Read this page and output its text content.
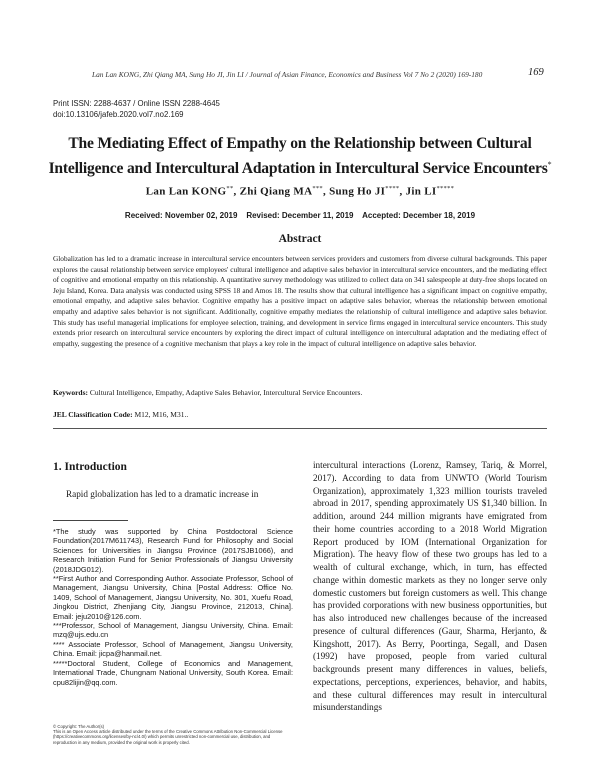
Lan Lan KONG, Zhi Qiang MA, Sung Ho JI, Jin LI / Journal of Asian Finance, Economics and Business Vol 7 No 2 (2020) 169-180	169
Print ISSN: 2288-4637 / Online ISSN 2288-4645
doi:10.13106/jafeb.2020.vol7.no2.169
The Mediating Effect of Empathy on the Relationship between Cultural
Intelligence and Intercultural Adaptation in Intercultural Service Encounters*
Lan Lan KONG**, Zhi Qiang MA***, Sung Ho JI****, Jin LI*****
Received: November 02, 2019 Revised: December 11, 2019 Accepted: December 18, 2019
Abstract
Globalization has led to a dramatic increase in intercultural service encounters between services providers and customers from diverse cultural backgrounds. This paper explores the causal relationship between service employees' cultural intelligence and adaptive sales behavior in intercultural service encounters, and the mediating effect of cognitive and emotional empathy on this relationship. A quantitative survey methodology was utilized to collect data on 341 salespeople at duty-free shops located on Jeju Island, Korea. Data analysis was conducted using SPSS 18 and Amos 18. The results show that cultural intelligence has a significant impact on cognitive empathy, emotional empathy, and adaptive sales behavior. Cognitive empathy has a positive impact on adaptive sales behavior, whereas the relationship between emotional empathy and adaptive sales behavior is not significant. Additionally, cognitive empathy mediates the relationship of cultural intelligence and adaptive sales behavior. This study has useful managerial implications for employee selection, training, and development in service firms engaged in intercultural service encounters. This study extends prior research on intercultural service encounters by exploring the direct impact of cultural intelligence on intercultural adaptation and the mediating effect of empathy, suggesting the presence of a cognitive mechanism that plays a key role in the impact of cultural intelligence on adaptive sales behavior.
Keywords: Cultural Intelligence, Empathy, Adaptive Sales Behavior, Intercultural Service Encounters.
JEL Classification Code: M12, M16, M31..
1. Introduction
Rapid globalization has led to a dramatic increase in

*The study was supported by China Postdoctoral Science Foundation(2017M611743), Research Fund for Philosophy and Social Sciences for Universities in Jiangsu Province (2017SJB1066), and Research Initiation Fund for Senior Professionals of Jiangsu University (2018JDG012).

**First Author and Corresponding Author. Associate Professor, School of Management, Jiangsu University, China [Postal Address: Office No. 1409, School of Management, Jiangsu University, No. 301, Xuefu Road, Jingkou District, Zhenjiang City, Jiangsu Province, 212013, China]. Email: jeju2010@126.com.

***Professor, School of Management, Jiangsu University, China. Email: mzq@ujs.edu.cn

**** Associate Professor, School of Management, Jiangsu University, China. Email: jicpa@hanmail.net.

*****Doctoral Student, College of Economics and Management, International Trade, Chungnam National University, South Korea. Email: cpu82lijin@qq.com.

© Copyright: The Author(s)

This is an Open Access article distributed under the terms of the Creative Commons Attribution Non-Commercial License (https://creativecommons.org/licenses/by-nc/4.0/) which permits unrestricted non-commercial use, distribution, and reproduction in any medium, provided the original work is properly cited.

intercultural interactions (Lorenz, Ramsey, Tariq, & Morrel, 2017). According to data from UNWTO (World Tourism Organization), approximately 1,323 million tourists traveled abroad in 2017, spending approximately US $1,340 billion. In addition, around 244 million migrants have emigrated from their home countries according to a 2018 World Migration Report produced by IOM (International Organization for Migration). The heavy flow of these two groups has led to a wealth of cultural exchange, which, in turn, has effected change within domestic markets as they no longer serve only domestic customers but foreign customers as well. This change has provided corporations with new business opportunities, but has also introduced new challenges because of the increased presence of cultural differences (Gaur, Sharma, Herjanto, & Kingshott, 2017). As Berry, Poortinga, Segall, and Dasen (1992) have proposed, people from varied cultural backgrounds present many differences in values, beliefs, expectations, perceptions, experiences, behavior, and habits, and these cultural differences may result in intercultural misunderstandings
